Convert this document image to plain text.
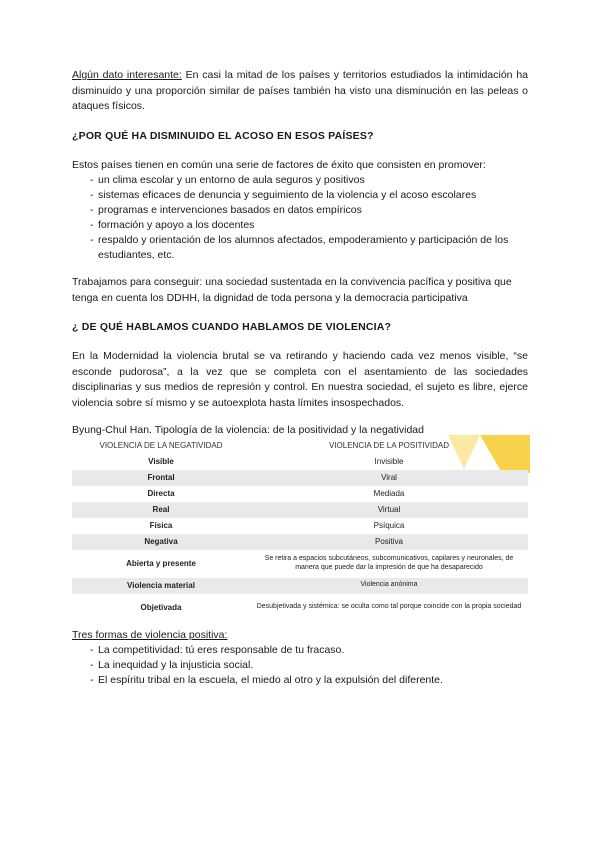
Algún dato interesante: En casi la mitad de los países y territorios estudiados la intimidación ha disminuido y una proporción similar de países también ha visto una disminución en las peleas o ataques físicos.

¿POR QUÉ HA DISMINUIDO EL ACOSO EN ESOS PAÍSES?

Estos países tienen en común una serie de factores de éxito que consisten en promover:

- un clima escolar y un entorno de aula seguros y positivos
- sistemas eficaces de denuncia y seguimiento de la violencia y el acoso escolares
- programas e intervenciones basados en datos empíricos
- formación y apoyo a los docentes
- respaldo y orientación de los alumnos afectados, empoderamiento y participación de los estudiantes, etc.

Trabajamos para conseguir: una sociedad sustentada en la convivencia pacífica y positiva que tenga en cuenta los DDHH, la dignidad de toda persona y la democracia participativa

¿ DE QUÉ HABLAMOS CUANDO HABLAMOS DE VIOLENCIA?

En la Modernidad la violencia brutal se va retirando y haciendo cada vez menos visible, “se esconde pudorosa”, a la vez que se completa con el asentamiento de las sociedades disciplinarias y sus medios de represión y control. En nuestra sociedad, el sujeto es libre, ejerce violencia sobre sí mismo y se autoexplota hasta límites insospechados.

Byung-Chul Han. Tipología de la violencia: de la positividad y la negatividad

VIOLENCIA DE LA NEGATIVIDAD	VIOLENCIA DE LA POSITIVIDAD
Visible	Invisible
Frontal	Viral
Directa	Mediada
Real	Virtual
Física	Psíquica
Negativa	Positiva
Abierta y presente	Se retira a espacios subcutáneos, subcomunicativos, capilares y neuronales, de manera que puede dar la impresión de que ha desaparecido
Violencia material	Violencia anónima
Objetivada	Desubjetivada y sistémica: se oculta como tal porque coincide con la propia sociedad

Tres formas de violencia positiva:

- La competitividad: tú eres responsable de tu fracaso.
- La inequidad y la injusticia social.
- El espíritu tribal en la escuela, el miedo al otro y la expulsión del diferente.
